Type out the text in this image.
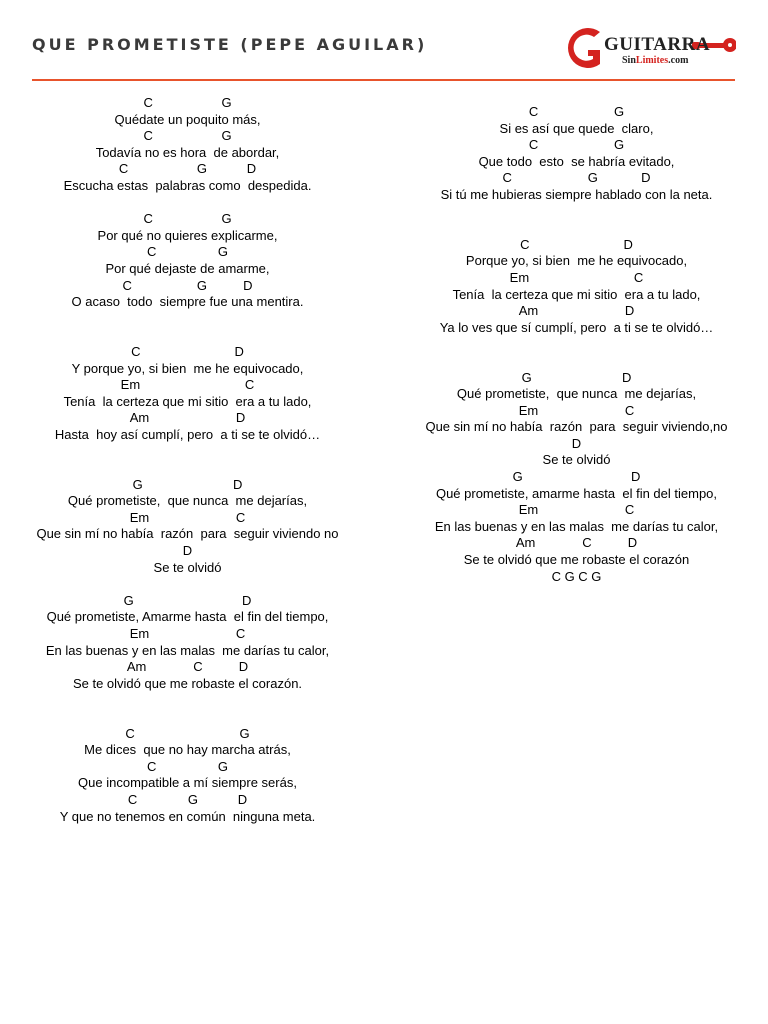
QUE PROMETISTE (PEPE AGUILAR)	GUITARRA
SinLimites.com
C                   G
Quédate un poquito más,
C                   G
Todavía no es hora  de abordar,
C                   G           D
Escucha estas  palabras como  despedida.
C                   G
Por qué no quieres explicarme,
C                 G
Por qué dejaste de amarme,
C                  G          D
O acaso  todo  siempre fue una mentira.
C                          D
Y porque yo, si bien  me he equivocado,
Em                             C
Tenía  la certeza que mi sitio  era a tu lado,
Am                        D
Hasta  hoy así cumplí, pero  a ti se te olvidó…
G                         D
Qué prometiste,  que nunca  me dejarías,
Em                        C
Que sin mí no había  razón  para  seguir viviendo no
D
Se te olvidó
G                              D
Qué prometiste, Amarme hasta  el fin del tiempo,
Em                        C
En las buenas y en las malas  me darías tu calor,
Am             C          D
Se te olvidó que me robaste el corazón.
C                             G
Me dices  que no hay marcha atrás,
C                 G
Que incompatible a mí siempre serás,
C              G           D
Y que no tenemos en común  ninguna meta.
C                     G
Si es así que quede  claro,
C                     G
Que todo  esto  se habría evitado,
C                     G            D
Si tú me hubieras siempre hablado con la neta.
C                          D
Porque yo, si bien  me he equivocado,
Em                             C
Tenía  la certeza que mi sitio  era a tu lado,
Am                        D
Ya lo ves que sí cumplí, pero  a ti se te olvidó…
G                         D
Qué prometiste,  que nunca  me dejarías,
Em                        C
Que sin mí no había  razón  para  seguir viviendo,no
D
Se te olvidó
G                              D
Qué prometiste, amarme hasta  el fin del tiempo,
Em                        C
En las buenas y en las malas  me darías tu calor,
Am             C          D
Se te olvidó que me robaste el corazón
C G C G
